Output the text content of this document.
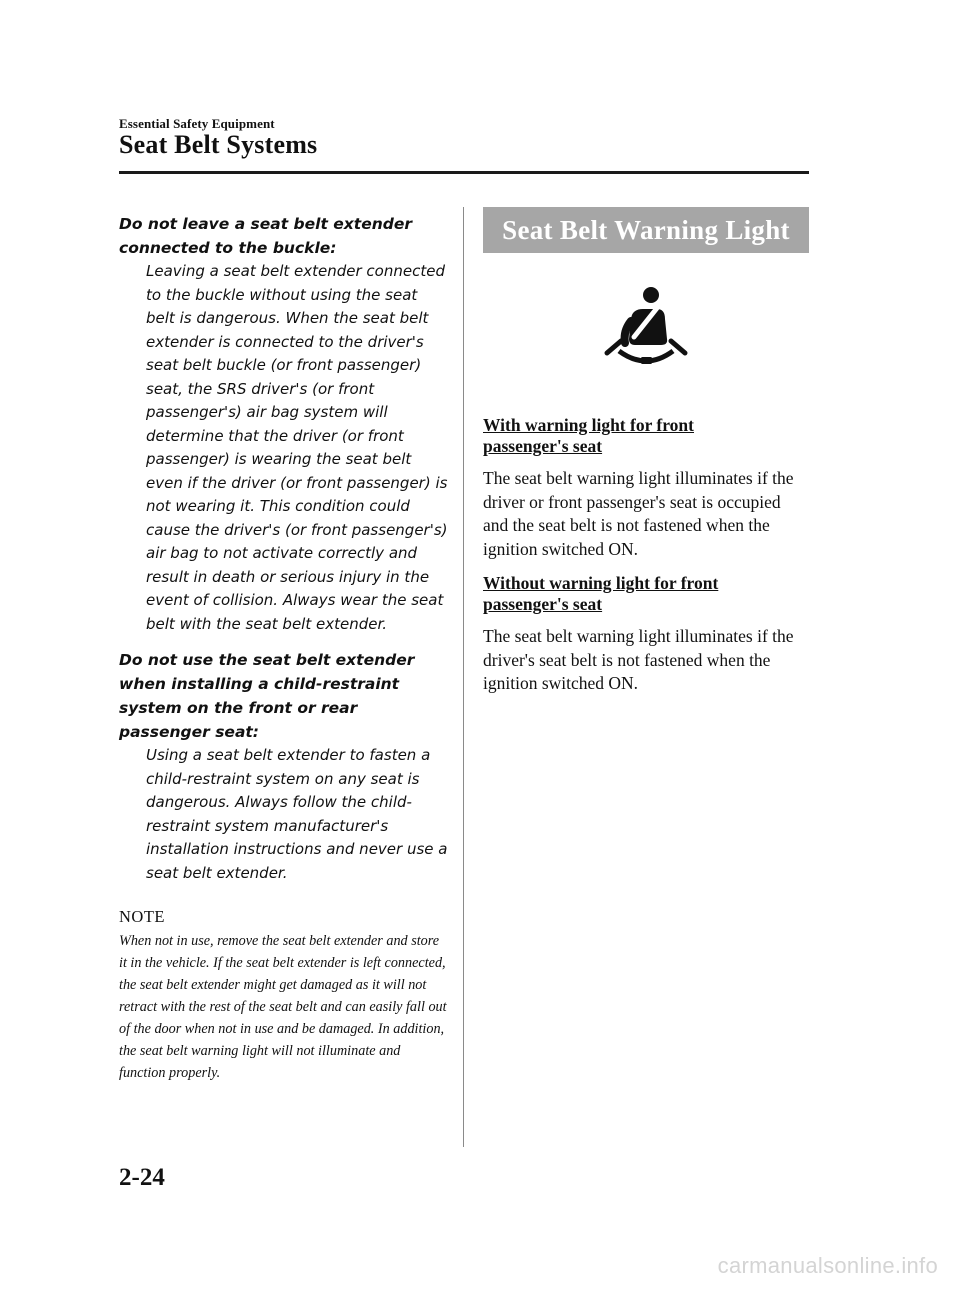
Essential Safety Equipment
Seat Belt Systems

Do not leave a seat belt extender connected to the buckle:

Leaving a seat belt extender connected to the buckle without using the seat belt is dangerous. When the seat belt extender is connected to the driver's seat belt buckle (or front passenger) seat, the SRS driver's (or front passenger's) air bag system will determine that the driver (or front passenger) is wearing the seat belt even if the driver (or front passenger) is not wearing it. This condition could cause the driver's (or front passenger's) air bag to not activate correctly and result in death or serious injury in the event of collision. Always wear the seat belt with the seat belt extender.

Do not use the seat belt extender when installing a child-restraint system on the front or rear passenger seat:

Using a seat belt extender to fasten a child-restraint system on any seat is dangerous. Always follow the child-restraint system manufacturer's installation instructions and never use a seat belt extender.

NOTE

When not in use, remove the seat belt extender and store it in the vehicle. If the seat belt extender is left connected, the seat belt extender might get damaged as it will not retract with the rest of the seat belt and can easily fall out of the door when not in use and be damaged. In addition, the seat belt warning light will not illuminate and function properly.

Seat Belt Warning Light

With warning light for front passenger's seat

The seat belt warning light illuminates if the driver or front passenger's seat is occupied and the seat belt is not fastened when the ignition switched ON.

Without warning light for front passenger's seat

The seat belt warning light illuminates if the driver's seat belt is not fastened when the ignition switched ON.

2-24
carmanualsonline.info
